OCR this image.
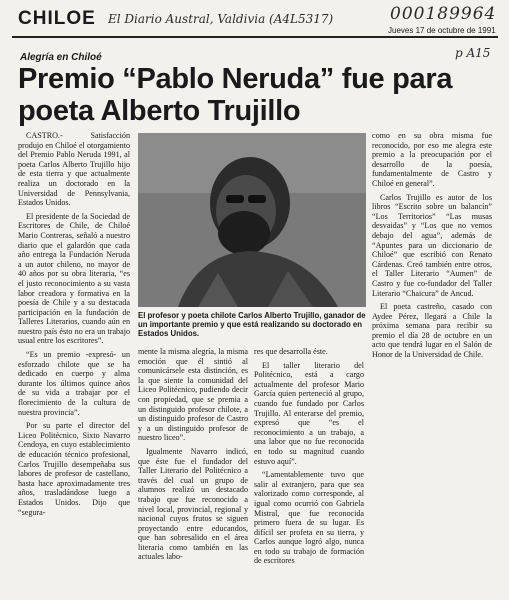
CHILOE El Diario Austral, Valdivia (A4L5317)	000189964
Jueves 17 de octubre de 1991
p A15
Alegría en Chiloé
Premio “Pablo Neruda” fue para poeta Alberto Trujillo

CASTRO.- Satisfacción produjo en Chiloé el otorgamiento del Premio Pablo Neruda 1991, al poeta Carlos Alberto Trujillo hijo de esta tierra y que actualmente realiza un doctorado en la Universidad de Pennsylvania, Estados Unidos.

El presidente de la Sociedad de Escritores de Chile, de Chiloé Mario Contreras, señaló a nuestro diario que el galardón que cada año entrega la Fundación Neruda a un autor chileno, no mayor de 40 años por su obra literaria, “es el justo reconocimiento a su vasta labor creadora y formativa en la poesía de Chile y a su destacada participación en la fundación de Talleres Literarios, cuando aún en nuestro país ésto no era un trabajo usual entre los escritores”.

“Es un premio -expresó- un esforzado chilote que se ha dedicado en cuerpo y alma durante los últimos quince años de su vida a trabajar por el florecimiento de la cultura de nuestra provincia”.

Por su parte el director del Liceo Politécnico, Sixto Navarro Cendoya, en cuyo establecimiento de educación técnico profesional, Carlos Trujillo desempeñaba sus labores de profesor de castellano, hasta hace aproximadamente tres años, trasladándose luego a Estados Unidos. Dijo que “segura-

El profesor y poeta chilote Carlos Alberto Trujillo, ganador de un importante premio y que está realizando su doctorado en Estados Unidos.

mente la misma alegría, la misma emoción que él sintió al comunicársele esta distinción, es la que siente la comunidad del Liceo Politécnico, pudiendo decir con propiedad, que se premia a un distinguido profesor chilote, a un distinguido profesor de Castro y a un distinguido profesor de nuestro liceo”.

Igualmente Navarro indicó, que éste fue el fundador del Taller Literario del Politécnico a través del cual un grupo de alumnos realizó un destacado trabajo que fue reconocido a nivel local, provincial, regional y nacional cuyos frutos se siguen proyectando entre educandos, que han sobresalido en el área literaria como también en las actuales labo-

res que desarrolla éste.

El taller literario del Politécnico, está a cargo actualmente del profesor Mario García quien perteneció al grupo, cuando fue fundado por Carlos Trujillo. Al enterarse del premio, expresó que “es el reconocimiento a un trabajo, a una labor que no fue reconocida en todo su magnitud cuando estuvo aquí”.

“Lamentablemente tuvo que salir al extranjero, para que sea valorizado como corresponde, al igual como ocurrió con Gabriela Mistral, que fue reconocida primero fuera de su lugar. Es difícil ser profeta en su tierra, y Carlos aunque logró algo, nunca en todo su trabajo de formación de escritores

como en su obra misma fue reconocido, por eso me alegra este premio a la preocupación por el desarrollo de la poesía, fundamentalmente de Castro y Chiloé en general”.

Carlos Trujillo es autor de los libros “Escrito sobre un balancín” “Los Territorios” “Las musas desvaidas” y “Los que no vemos debajo del agua”, además de “Apuntes para un diccionario de Chiloé” que escribió con Renato Cárdenas. Creó también entre otros, el Taller Literario “Aumen” de Castro y fue co-fundador del Taller Literario “Chaicura” de Ancud.

El poeta castreño, casado con Aydee Pérez, llegará a Chile la próxima semana para recibir su premio el día 28 de octubre en un acto que tendrá lugar en el Salón de Honor de la Universidad de Chile.
